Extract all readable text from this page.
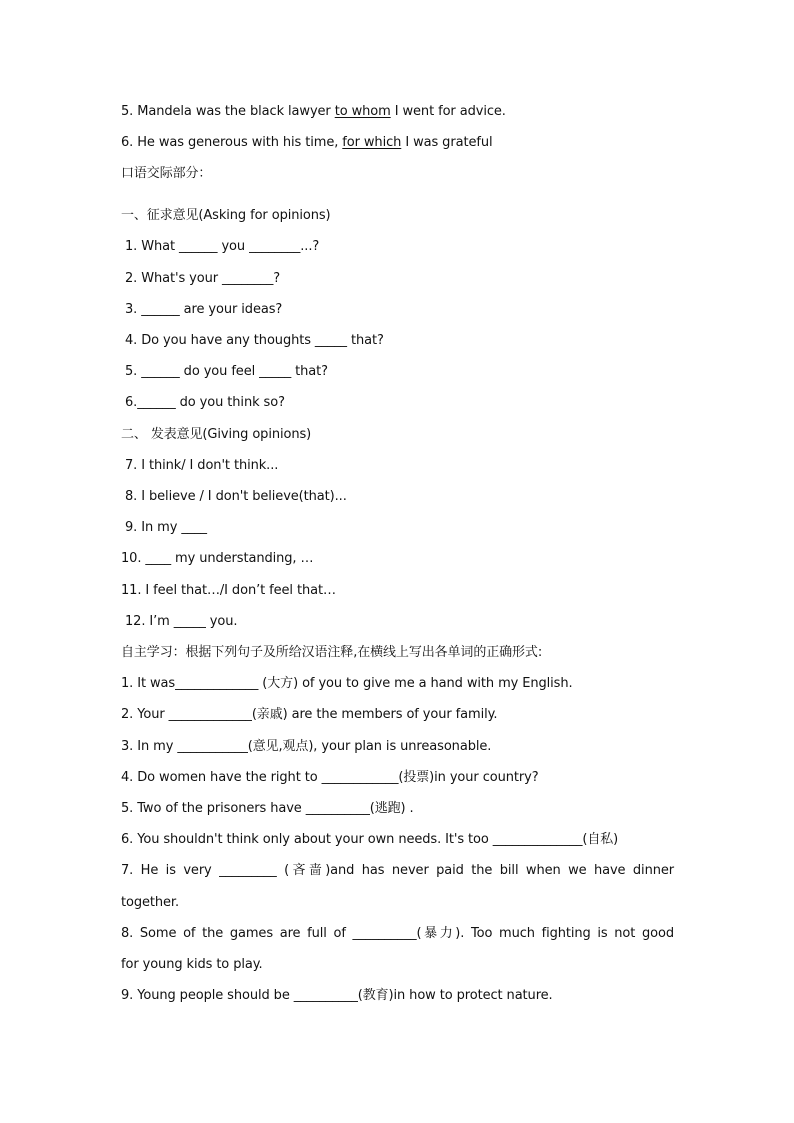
5. Mandela was the black lawyer to whom I went for advice.
6. He was generous with his time, for which I was grateful
口语交际部分：
一、征求意见(Asking for opinions)
1. What ______ you ________...?
2. What's your ________?
3. ______ are your ideas?
4. Do you have any thoughts _____ that?
5. ______ do you feel _____ that?
6.______ do you think so?
二、 发表意见(Giving opinions)
7. I think/ I don't think...
8. I believe / I don't believe(that)...
9. In my ____
10. ____ my understanding, …
11. I feel that…/I don’t feel that…
12. I’m _____ you.
自主学习：根据下列句子及所给汉语注释,在横线上写出各单词的正确形式:
1. It was_____________ (大方) of you to give me a hand with my English.
2. Your _____________(亲戚) are the members of your family.
3. In my ___________(意见,观点), your plan is unreasonable.
4. Do women have the right to ____________(投票)in your country?
5. Two of the prisoners have __________(逃跑) .
6. You shouldn't think only about your own needs. It's too ______________(自私)
7. He is very _________ (吝啬)and has never paid the bill when we have dinner
together.
8. Some of the games are full of __________(暴力). Too much fighting is not good
for young kids to play.
9. Young people should be __________(教育)in how to protect nature.
